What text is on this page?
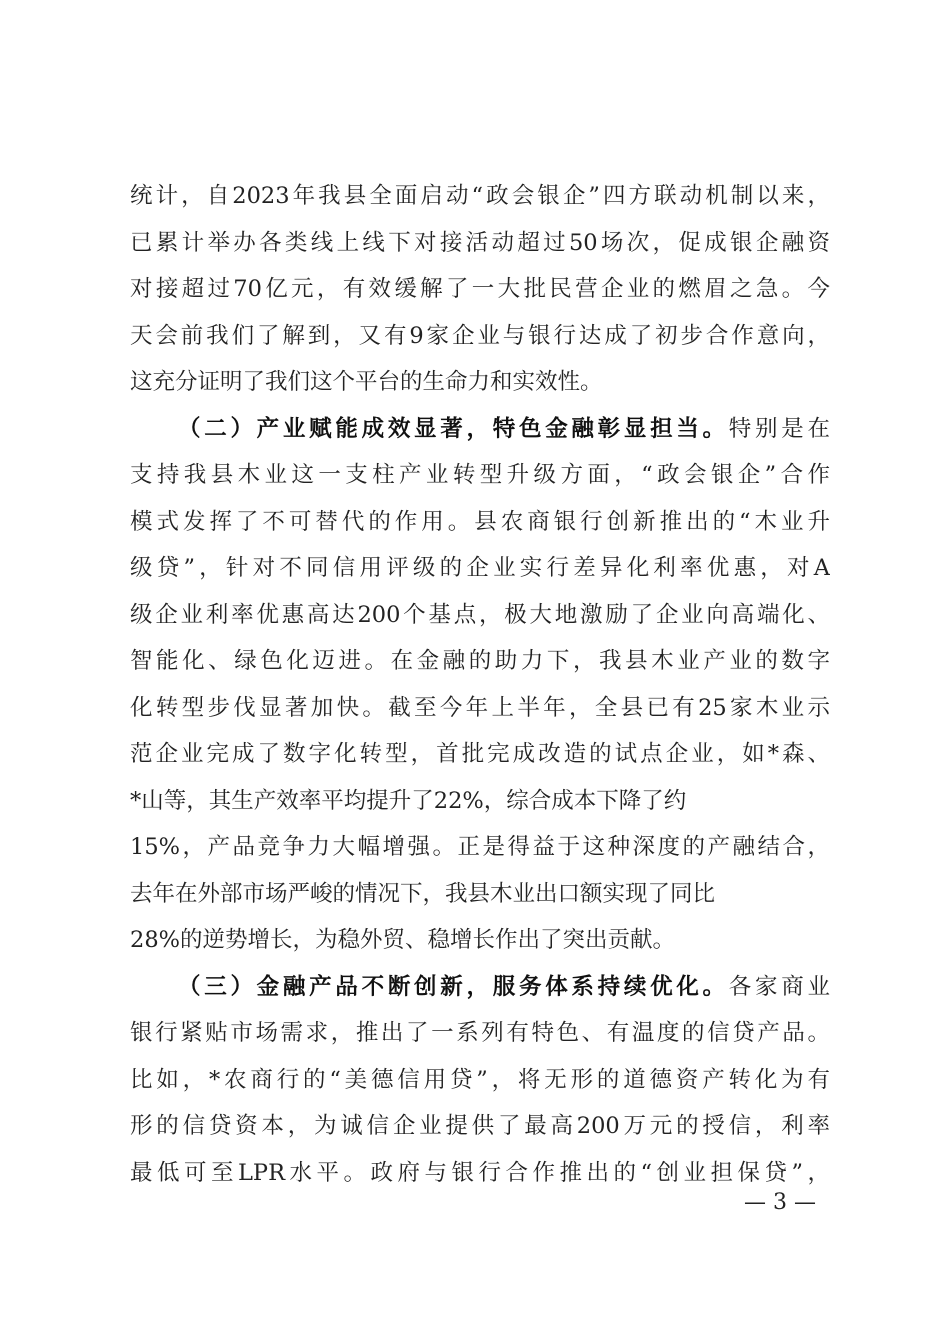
统计，自2023年我县全面启动“政会银企”四方联动机制以来，
已累计举办各类线上线下对接活动超过50场次，促成银企融资
对接超过70亿元，有效缓解了一大批民营企业的燃眉之急。今
天会前我们了解到，又有9家企业与银行达成了初步合作意向，
这充分证明了我们这个平台的生命力和实效性。
（二）产业赋能成效显著，特色金融彰显担当。特别是在
支持我县木业这一支柱产业转型升级方面，“政会银企”合作
模式发挥了不可替代的作用。县农商银行创新推出的“木业升
级贷”，针对不同信用评级的企业实行差异化利率优惠，对A
级企业利率优惠高达200个基点，极大地激励了企业向高端化、
智能化、绿色化迈进。在金融的助力下，我县木业产业的数字
化转型步伐显著加快。截至今年上半年，全县已有25家木业示
范企业完成了数字化转型，首批完成改造的试点企业，如*森、
*山等，其生产效率平均提升了22%，综合成本下降了约
15%，产品竞争力大幅增强。正是得益于这种深度的产融结合，
去年在外部市场严峻的情况下，我县木业出口额实现了同比
28%的逆势增长，为稳外贸、稳增长作出了突出贡献。
（三）金融产品不断创新，服务体系持续优化。各家商业
银行紧贴市场需求，推出了一系列有特色、有温度的信贷产品。
比如，*农商行的“美德信用贷”，将无形的道德资产转化为有
形的信贷资本，为诚信企业提供了最高200万元的授信，利率
最低可至LPR水平。政府与银行合作推出的“创业担保贷”，
— 3 —
